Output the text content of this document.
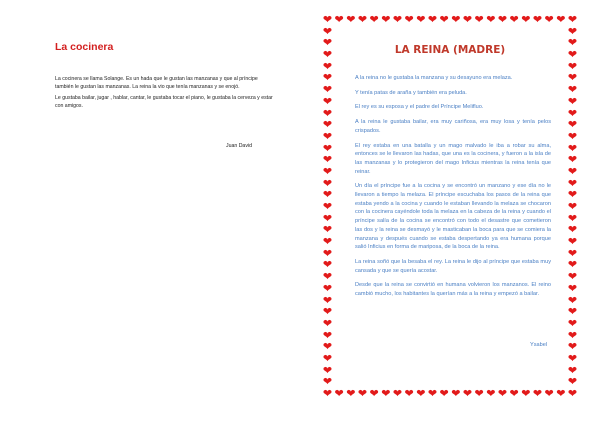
La cocinera

La cocinera se llama Solange. Es un hada que le gustan las manzanas y que al príncipe también le gustan las manzanas. La reina la vio que tenía manzanas y se enojó.

Le gustaba bailar, jugar , hablar, cantar, le gustaba tocar el piano, le gustaba la cerveza y estar con amigos.

Juan David
❤
❤
❤
❤
❤
❤
❤
❤
❤
❤
❤
❤
❤
❤
❤
❤
❤
❤
❤
❤
❤
❤
❤
❤
❤
❤
❤
❤
❤
❤
❤
❤
❤
❤
❤
❤
❤
❤
❤
❤
❤
❤
❤
❤
❤	❤
❤	❤
❤	❤
❤	❤
❤	❤
❤	❤
❤	❤
❤	❤
❤	❤
❤	❤
❤	❤
❤	❤
❤	❤
❤	❤
❤	❤
❤	❤
❤	❤
❤	❤
❤	❤
❤	❤
❤	❤
❤	❤
❤	❤
❤	❤
❤	❤
❤	❤
❤	❤
❤	❤
❤	❤
❤	❤
❤	❤
LA REINA (MADRE)

A la reina no le gustaba la manzana y su desayuno era melaza.

Y tenía patas de araña y también era peluda.

El rey es su esposa y el padre del Príncipe Melifluo.

A la reina le gustaba bailar, era muy cariñosa, era muy losa y tenía pelos crispados.

El rey estaba en una batalla y un mago malvado le iba a robar su alma, entonces se le llevaron las hadas, que una es la cocinera, y fueron a la isla de las manzanas y lo protegieron del mago Inficius mientras la reina tenía que reinar.

Un día el príncipe fue a la cocina y se encontró un manzano y ese día no le llevaron a tiempo la melaza. El príncipe escuchaba los pasos de la reina que estaba yendo a la cocina y cuando le estaban llevando la melaza se chocaron con la cocinera cayéndole toda la melaza en la cabeza de la reina y cuando el príncipe salía de la cocina se encontró con todo el desastre que cometieron las dos y la reina se desmayó y le masticaban la boca para que se comiera la manzana y después cuando se estaba despertando ya era humana porque salió Inficius en forma de mariposa, de la boca de la reina.

La reina soñó que la besaba el rey. La reina le dijo al príncipe que estaba muy cansada y que se quería acostar.

Desde que la reina se convirtió en humana volvieron los manzanos. El reino cambió mucho, los habitantes la querían más a la reina y empezó a bailar.

Ysabel
